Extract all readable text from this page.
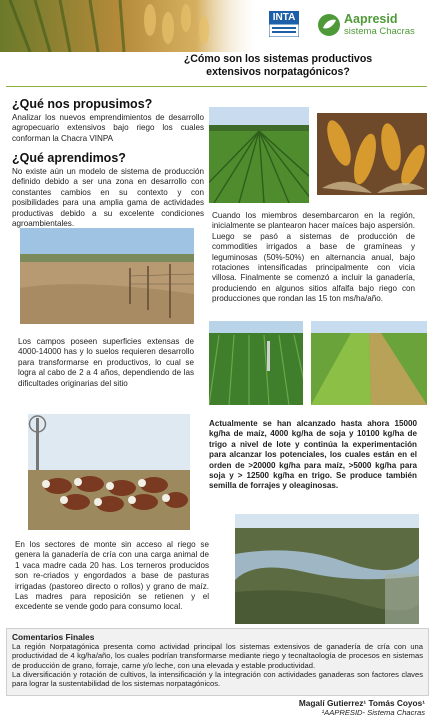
INTA	Aapresid
sistema Chacras
¿Cómo son los sistemas productivos
extensivos norpatagónicos?
¿Qué nos propusimos?

Analizar los nuevos emprendimientos de desarrollo agropecuario extensivos bajo riego los cuales conforman la Chacra VINPA

¿Qué aprendimos?

No existe aún un modelo de sistema de producción definido debido a ser una zona en desarrollo con constantes cambios en su contexto y con posibilidades para una amplia gama de actividades productivas debido a su excelente condiciones agroambientales.

Cuando los miembros desembarcaron en la región, inicialmente se plantearon hacer maíces bajo aspersión. Luego se pasó a sistemas de producción de commodities irrigados a base de gramíneas y leguminosas (50%-50%) en alternancia anual, bajo rotaciones intensificadas principalmente con vicia villosa. Finalmente se comenzó a incluir la ganadería, produciendo en algunos sitios alfalfa bajo riego con producciones que rondan las 15 ton ms/ha/año.

Los campos poseen superficies extensas de 4000-14000 has y lo suelos requieren desarrollo para transformarse en productivos, lo cual se logra al cabo de 2 a 4 años, dependiendo de las dificultades originarias del sitio

Actualmente se han alcanzado hasta ahora 15000 kg/ha de maíz, 4000 kg/ha de soja y 10100 kg/ha de trigo a nivel de lote y continúa la experimentación para alcanzar los potenciales, los cuales están en el orden de >20000 kg/ha para maíz, >5000 kg/ha para soja y > 12500 kg/ha en trigo. Se produce también semilla de forrajes y oleaginosas.

En los sectores de monte sin acceso al riego se genera la ganadería de cría con una carga animal de 1 vaca madre cada 20 has. Los terneros producidos son re-criados y engordados a base de pasturas irrigadas (pastoreo directo o rollos) y grano de maíz. Las madres para reposición se retienen y el excedente se vende godo para consumo local.

Comentarios Finales

La región Norpatagónica presenta como actividad principal los sistemas extensivos de ganadería de cría con una productividad de 4 kg/ha/año, los cuales podrían transformarse mediante riego y tecnaltaología de procesos en sistemas de producción de grano, forraje, carne y/o leche, con una elevada y estable productividad.

La diversificación y rotación de cultivos, la intensificación y la integración con actividades ganaderas son factores claves para lograr la sustentabilidad de los sistemas norpatagónicos.

Magalí Gutierrez¹ Tomás Coyos¹
¹AAPRESID- Sistema Chacras
